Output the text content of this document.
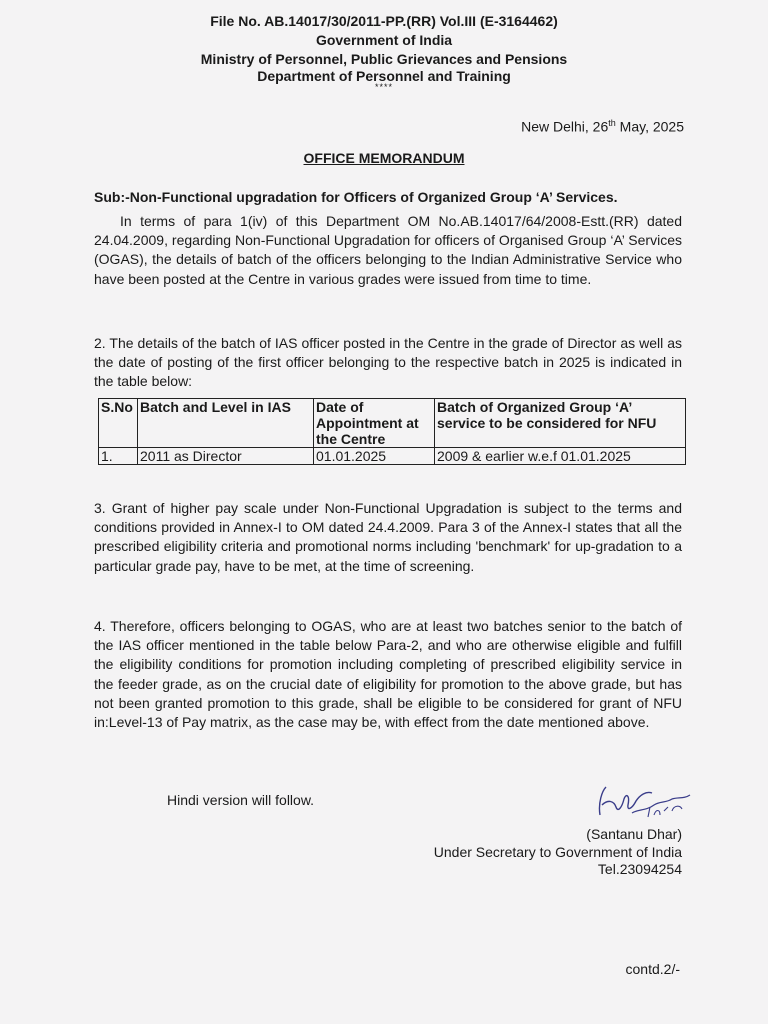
File No. AB.14017/30/2011-PP.(RR) Vol.III (E-3164462)
Government of India
Ministry of Personnel, Public Grievances and Pensions
Department of Personnel and Training
****
New Delhi, 26th May, 2025
OFFICE MEMORANDUM
Sub:-Non-Functional upgradation for Officers of Organized Group ‘A’ Services.
In terms of para 1(iv) of this Department OM No.AB.14017/64/2008-Estt.(RR) dated 24.04.2009, regarding Non-Functional Upgradation for officers of Organised Group ‘A’ Services (OGAS), the details of batch of the officers belonging to the Indian Administrative Service who have been posted at the Centre in various grades were issued from time to time.
2. The details of the batch of IAS officer posted in the Centre in the grade of Director as well as the date of posting of the first officer belonging to the respective batch in 2025 is indicated in the table below:
S.No	Batch and Level in IAS	Date of Appointment at the Centre	Batch of Organized Group ‘A’ service to be considered for NFU
1.	2011 as Director	01.01.2025	2009 & earlier w.e.f 01.01.2025
3. Grant of higher pay scale under Non-Functional Upgradation is subject to the terms and conditions provided in Annex-I to OM dated 24.4.2009. Para 3 of the Annex-I states that all the prescribed eligibility criteria and promotional norms including 'benchmark' for up-gradation to a particular grade pay, have to be met, at the time of screening.
4. Therefore, officers belonging to OGAS, who are at least two batches senior to the batch of the IAS officer mentioned in the table below Para-2, and who are otherwise eligible and fulfill the eligibility conditions for promotion including completing of prescribed eligibility service in the feeder grade, as on the crucial date of eligibility for promotion to the above grade, but has not been granted promotion to this grade, shall be eligible to be considered for grant of NFU in:Level-13 of Pay matrix, as the case may be, with effect from the date mentioned above.
Hindi version will follow.
(Santanu Dhar)
Under Secretary to Government of India
Tel.23094254
contd.2/-
